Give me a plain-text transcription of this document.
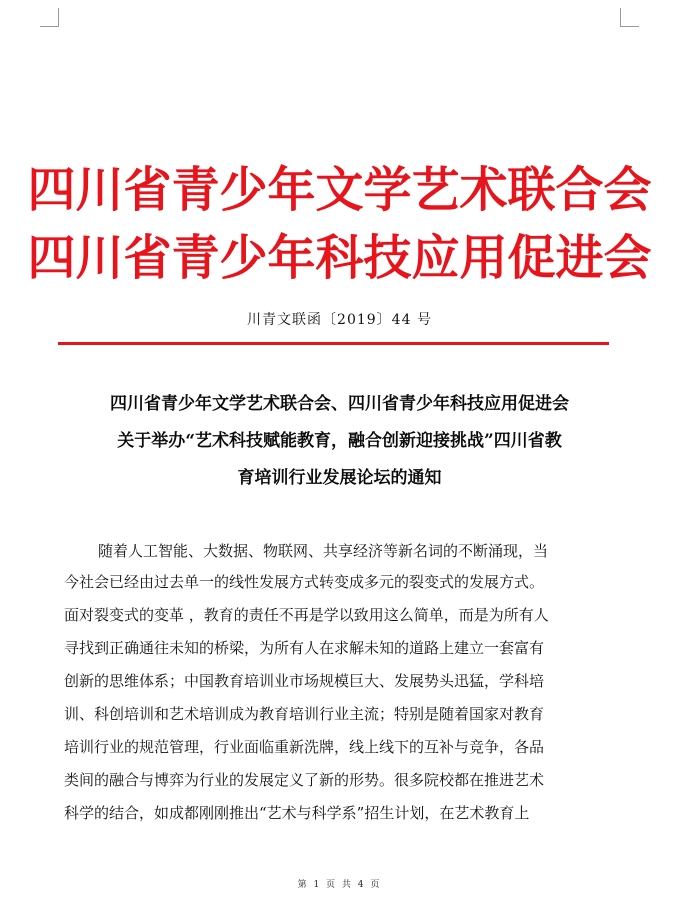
四川省青少年文学艺术联合会
四川省青少年科技应用促进会
川青文联函〔2019〕44 号
四川省青少年文学艺术联合会、四川省青少年科技应用促进会
关于举办“艺术科技赋能教育，融合创新迎接挑战”四川省教
育培训行业发展论坛的通知
随着人工智能、大数据、物联网、共享经济等新名词的不断涌现，当
今社会已经由过去单一的线性发展方式转变成多元的裂变式的发展方式。
面对裂变式的变革 ，教育的责任不再是学以致用这么简单，而是为所有人
寻找到正确通往未知的桥梁，为所有人在求解未知的道路上建立一套富有
创新的思维体系；中国教育培训业市场规模巨大、发展势头迅猛，学科培
训、科创培训和艺术培训成为教育培训行业主流；特别是随着国家对教育
培训行业的规范管理，行业面临重新洗牌，线上线下的互补与竞争，各品
类间的融合与博弈为行业的发展定义了新的形势。很多院校都在推进艺术
科学的结合，如成都刚刚推出“艺术与科学系”招生计划，在艺术教育上
第 1 页 共 4 页
